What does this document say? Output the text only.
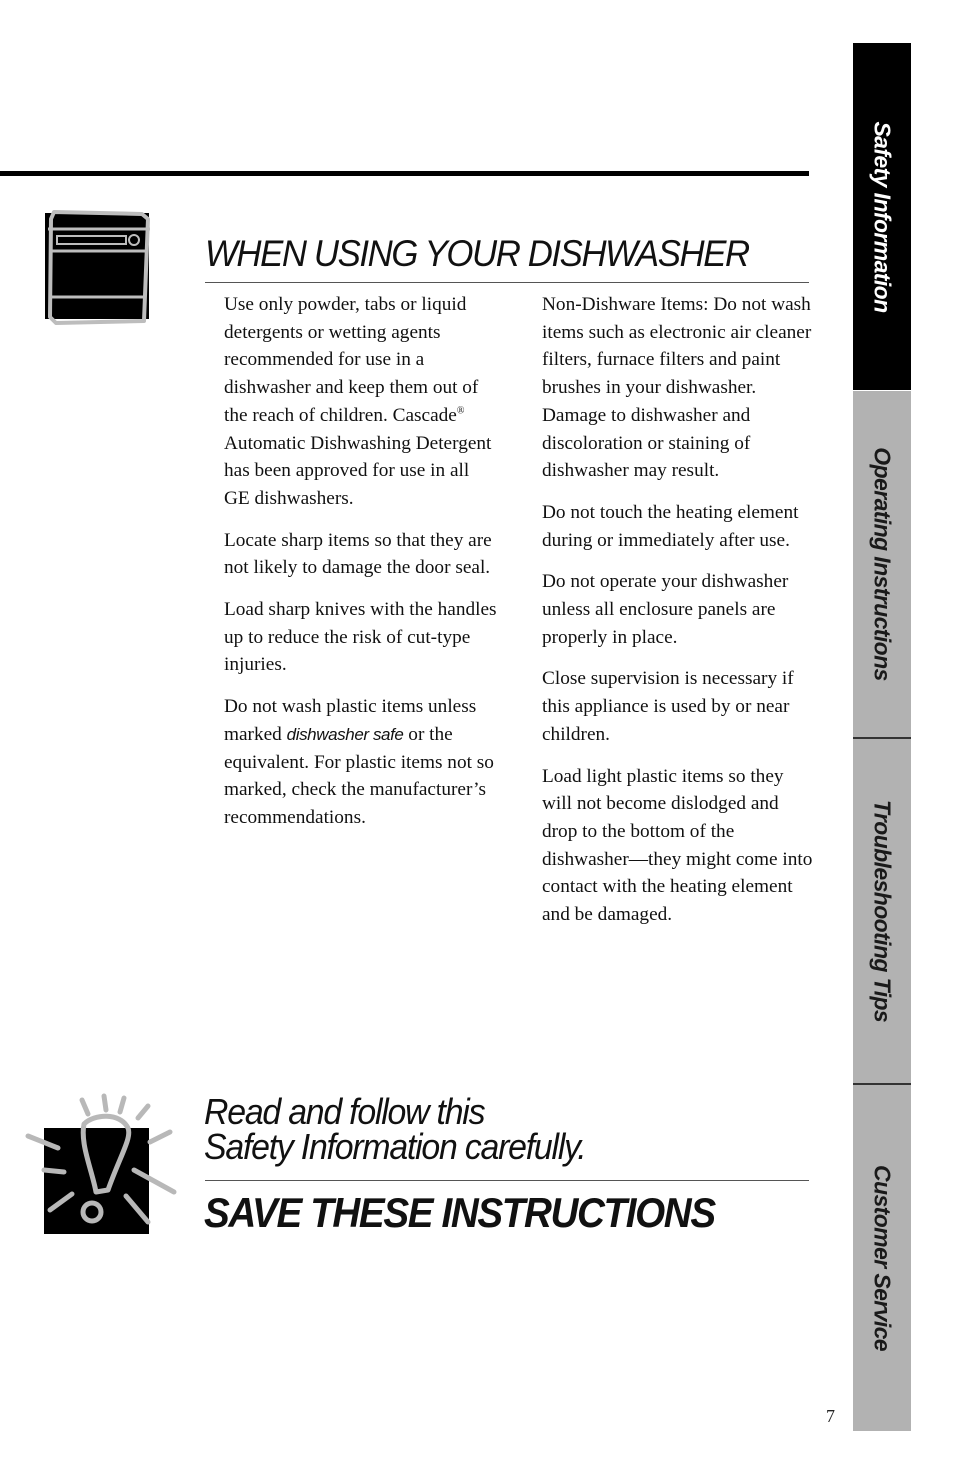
WHEN USING YOUR DISHWASHER

Use only powder, tabs or liquid detergents or wetting agents recommended for use in a dishwasher and keep them out of the reach of children. Cascade® Automatic Dishwashing Detergent has been approved for use in all GE dishwashers.

Locate sharp items so that they are not likely to damage the door seal.

Load sharp knives with the handles up to reduce the risk of cut-type injuries.

Do not wash plastic items unless marked dishwasher safe or the equivalent. For plastic items not so marked, check the manufacturer’s recommendations.

Non-Dishware Items: Do not wash items such as electronic air cleaner filters, furnace filters and paint brushes in your dishwasher. Damage to dishwasher and discoloration or staining of dishwasher may result.

Do not touch the heating element during or immediately after use.

Do not operate your dishwasher unless all enclosure panels are properly in place.

Close supervision is necessary if this appliance is used by or near children.

Load light plastic items so they will not become dislodged and drop to the bottom of the dishwasher—they might come into contact with the heating element and be damaged.

Read and follow this
Safety Information carefully.
SAVE THESE INSTRUCTIONS
Safety Information
Operating Instructions
Troubleshooting Tips
Customer Service
7
